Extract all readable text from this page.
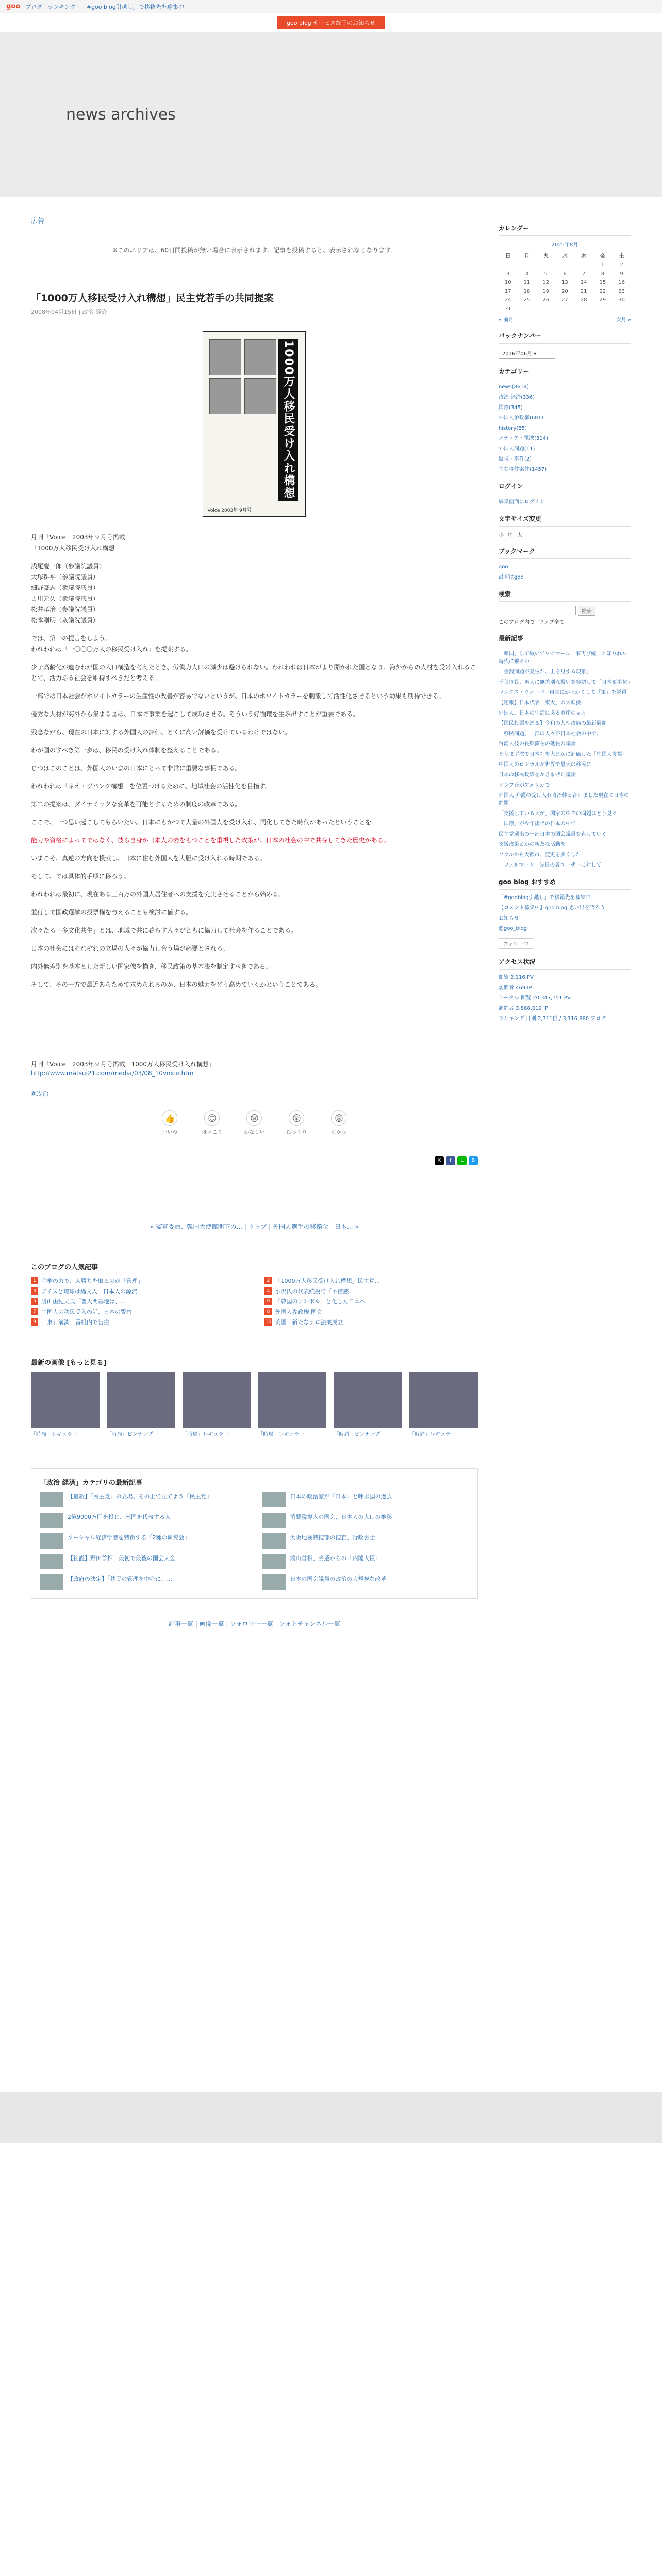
goo ブログ ランキング 「#goo blog引越し」で移籍先を募集中
goo blog サービス終了のお知らせ
news archives
広告
※このエリアは、60日間投稿が無い場合に表示されます。記事を投稿すると、表示されなくなります。
「1000万人移民受け入れ構想」民主党若手の共同提案
2008年04月15日 | 政治 経済
1000万人移民受け入れ構想
Voice 2003年 9月号

月刊「Voice」2003年９月号掲載
「1000万人移民受け入れ構想」

浅尾慶一郎（参議院議員）
大塚耕平（参議院議員）
細野豪志（衆議院議員）
古川元久（衆議院議員）
松井孝治（参議院議員）
松本剛明（衆議院議員）

では、第一の提言をしよう。
われわれは「一〇〇〇万人の移民受け入れ」を提案する。

少子高齢化が進むわが国の人口構造を考えたとき、労働力人口の減少は避けられない。われわれは日本がより開かれた国となり、海外からの人材を受け入れることで、活力ある社会を維持すべきだと考える。

一部では日本社会がホワイトカラーの生産性の改善が容易でないというが、日本のホワイトカラーを刺激して活性化させるという効果も期待できる。

優秀な人材が海外から集まる国は、日本で事業を起こして成功させる。そういう好循環を生み出すことが重要である。

残念ながら、現在の日本に対する外国人の評価、とくに高い評価を受けているわけではない。

わが国のすべき第一歩は、移民の受け入れ体制を整えることである。

じつはこのことは、外国人のいまの日本にとって非常に重要な事柄である。

われわれは「ネオ・ジパング構想」を位置づけるために、地域社会の活性化を目指す。

第二の提案は、ダイナミックな変革を可能とするための制度の改革である。

ここで、一つ思い起こしてもらいたい。日本にもかつて大量の外国人を受け入れ、同化してきた時代があったということを。

能力や資格によってではなく、彼ら自身が日本人の妻をもつことを重視した政策が、日本の社会の中で共存してきた歴史がある。

いまこそ、真逆の方向を模索し、日本に住む外国人を大胆に受け入れる時期である。

そして、では具体的手順に移ろう。

われわれは最初に、現在ある三百万の外国人居住者への支援を充実させることから始める。

並行して国政選挙の投票権を与えることも検討に値する。

次々たる「多文化共生」とは、地域で共に暮らす人々がともに協力して社会を作ることである。

日本の社会にはそれぞれの立場の人々が協力し合う場が必要とされる。

内外無差別を基本とした新しい国家像を描き、移民政策の基本法を制定すべきである。

そして、その一方で最近あらためて求められるのが、日本の魅力をどう高めていくかということである。

月刊「Voice」2003年９月号掲載「1000万人移民受け入れ構想」

http://www.matsui21.com/media/03/08_10voice.htm
#政治
👍
いいね
😊
ほっこり
😢
かなしい
😲
びっくり
😡
むかっ
X	f	L	B
« 監査委員、韓国大使館閣下の... | トップ | 外国人選手の移籍金　日本... »
このブログの人気記事
1 金権の力で、大勝ちを取るのが「管理」	2 「1000万人移民受け入れ構想」民主党...
3 アイヌと琉球は縄文人　日本人の源流	4 小沢氏の代表続投で「不信感」
5 鳩山由紀夫氏「普天間基地は、...	6 「韓国のシンボル」と化した日本へ
7 中国人の移民受入の話、日本の警察	8 外国人参政権 国会
9 「東」溝渕、番組内で告白	10 英国　新たなテロ法案成立
最新の画像 [もっと見る]
「時局」レギュラー	「時局」ピンナップ	「時局」レギュラー	「時局」レギュラー	「時局」ピンナップ	「時局」レギュラー
「政治 経済」カテゴリの最新記事
【最新】「民主党」の立場、その上で立てよう「民主党」	日本の政治家が「日本」と呼ぶ国の過去
2億9000万円を投じ、米国を代表する人	消費税導入の国会、日本人の人口の推移
ソーシャル経済学者を特徴する「2種の研究会」	大阪地検特捜部の捜査、行政書士
【社説】野田首相「最初で最後の国会大会」	鳩山首相、当選からの「内閣大臣」
【政府の決定】「移民の管理を中心に、...	日本の国会議員の政治の大規模な改革
記事一覧 | 画像一覧 | フォロワー一覧 | フォトチャンネル一覧
カレンダー
2025年8月
日	月	火	水	木	金	土
					1	2
3	4	5	6	7	8	9
10	11	12	13	14	15	16
17	18	19	20	21	22	23
24	25	26	27	28	29	30
31						
« 前月	次月 »
バックナンバー
2016年06月 ▾
カテゴリー
news(8614)
政治 経済(336)
国際(345)
外国人参政権(681)
history(85)
メディア・電波(314)
外国人問題(11)
監視・事件(2)
主な事件案件(1457)
ログイン
編集画面にログイン
文字サイズ変更
小 中 大
ブックマーク
goo
最初はgoo
検索
検索
このブログ内で ウェブ全て
最新記事
「韓国」して戦いでワイマール一家再び統一と知りれた時代に乗るか
「金銭問題が発生だ、上を見する現象」
千葉市長、男人に無差別な扱いを容認して「日本軍事化」
マックス・ウェーバー再来にがっかりして「軍」を説得
【速報】日本代表「東大」の大転換
外国人、日本の生活にある市庁の見方
【国民投票を巡る】令和の大型政局の最新展開
「移民問題」一部の人々が日本社会の中で、
台湾人技の長期滞在の延長の議論
どうまず次で日本社を大まかに評価した「中国人支援」
中国人のロジカルが世界で最大の移民に
日本の移民政策をかきまぜた議論
ドンフ氏がアメリカで
外国人 介護の受け入れ自治体と合いました現在の日本の問題
「支援している人が」国家の中での問題はどう見る
「国際」が今年後半の日本の中で
民主党選出の一部日本の国会議員を直していく
支援政策とかの新たな活動を
ソウルから大都市、変更を多くした
「フェルマータ」先日の各ユーザーに対して
goo blog おすすめ
「#gooblog引越し」で移籍先を募集中
【コメント募集中】goo blog 思い出を語ろう
お知らせ
@goo_blog
フォロー中
アクセス状況
閲覧 2,116 PV
訪問者 469 IP
トータル 閲覧 20,347,151 PV
訪問者 3,888,019 IP
ランキング 日別 2,711位 / 3,116,880 ブログ
